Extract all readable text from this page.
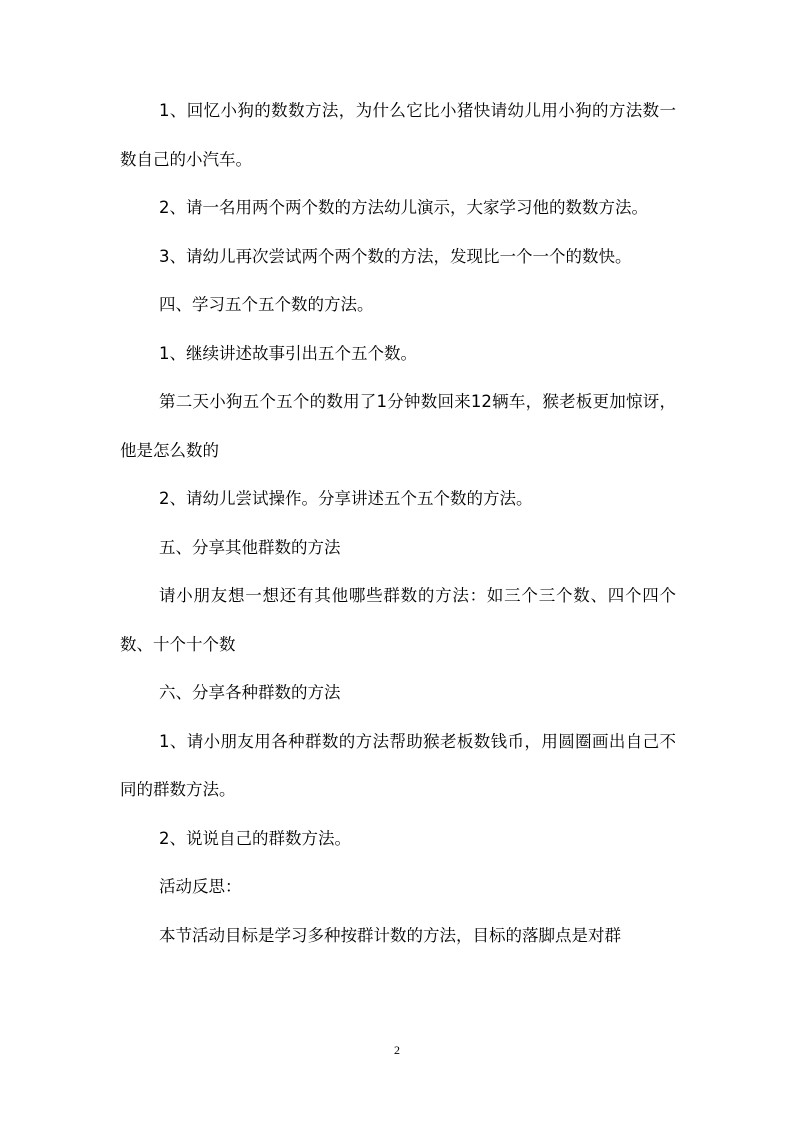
1、回忆小狗的数数方法，为什么它比小猪快请幼儿用小狗的方法数一数自己的小汽车。

2、请一名用两个两个数的方法幼儿演示，大家学习他的数数方法。

3、请幼儿再次尝试两个两个数的方法，发现比一个一个的数快。

四、学习五个五个数的方法。

1、继续讲述故事引出五个五个数。

第二天小狗五个五个的数用了1分钟数回来12辆车，猴老板更加惊讶，他是怎么数的

2、请幼儿尝试操作。分享讲述五个五个数的方法。

五、分享其他群数的方法

请小朋友想一想还有其他哪些群数的方法：如三个三个数、四个四个数、十个十个数

六、分享各种群数的方法

1、请小朋友用各种群数的方法帮助猴老板数钱币，用圆圈画出自己不同的群数方法。

2、说说自己的群数方法。

活动反思：

本节活动目标是学习多种按群计数的方法，目标的落脚点是对群

2
